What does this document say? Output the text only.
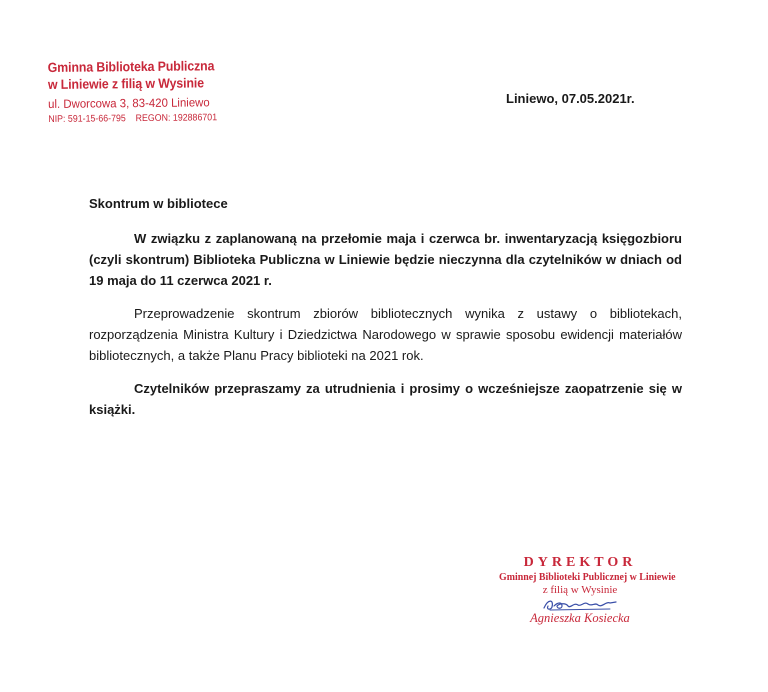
Gminna Biblioteka Publiczna
w Liniewie z filią w Wysinie
ul. Dworcowa 3, 83-420 Liniewo
NIP: 591-15-66-795 REGON: 192886701
Liniewo, 07.05.2021r.

Skontrum w bibliotece

W związku z zaplanowaną na przełomie maja i czerwca br. inwentaryzacją księgozbioru (czyli skontrum) Biblioteka Publiczna w Liniewie będzie nieczynna dla czytelników w dniach od 19 maja do 11 czerwca 2021 r.

Przeprowadzenie skontrum zbiorów bibliotecznych wynika z ustawy o bibliotekach, rozporządzenia Ministra Kultury i Dziedzictwa Narodowego w sprawie sposobu ewidencji materiałów bibliotecznych, a także Planu Pracy biblioteki na 2021 rok.

Czytelników przepraszamy za utrudnienia i prosimy o wcześniejsze zaopatrzenie się w książki.

DYREKTOR
Gminnej Biblioteki Publicznej w Liniewie
z filią w Wysinie
Agnieszka Kosiecka
